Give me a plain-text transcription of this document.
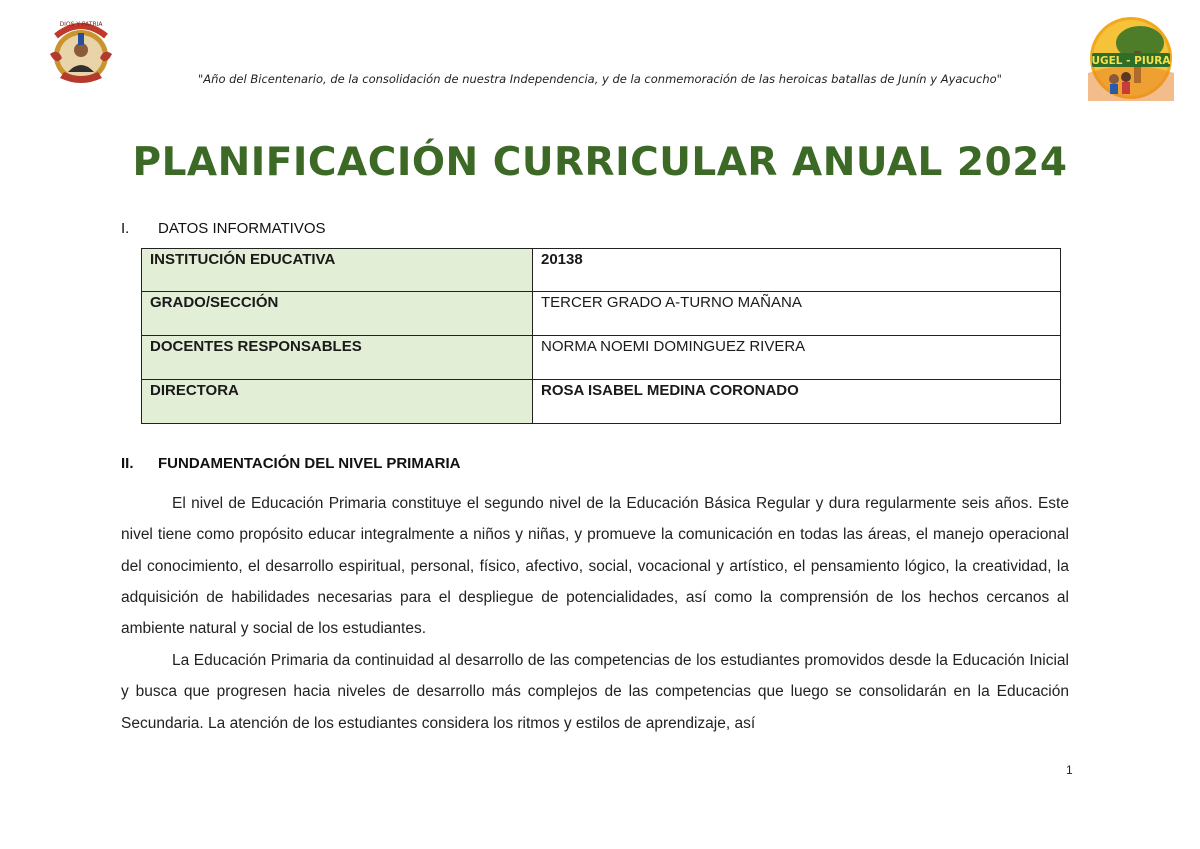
DIOS Y PATRIA
"Año del Bicentenario, de la consolidación de nuestra Independencia, y de la conmemoración de las heroicas batallas de Junín y Ayacucho"
UGEL - PIURA
PLANIFICACIÓN CURRICULAR ANUAL 2024
I.	DATOS INFORMATIVOS
INSTITUCIÓN EDUCATIVA	20138
GRADO/SECCIÓN	TERCER GRADO A-TURNO MAÑANA
DOCENTES RESPONSABLES	NORMA NOEMI DOMINGUEZ RIVERA
DIRECTORA	ROSA ISABEL MEDINA CORONADO
II.	FUNDAMENTACIÓN DEL NIVEL PRIMARIA

El nivel de Educación Primaria constituye el segundo nivel de la Educación Básica Regular y dura regularmente seis años. Este nivel tiene como propósito educar integralmente a niños y niñas, y promueve la comunicación en todas las áreas, el manejo operacional del conocimiento, el desarrollo espiritual, personal, físico, afectivo, social, vocacional y artístico, el pensamiento lógico, la creatividad, la adquisición de habilidades necesarias para el despliegue de potencialidades, así como la comprensión de los hechos cercanos al ambiente natural y social de los estudiantes.

La Educación Primaria da continuidad al desarrollo de las competencias de los estudiantes promovidos desde la Educación Inicial y busca que progresen hacia niveles de desarrollo más complejos de las competencias que luego se consolidarán en la Educación Secundaria. La atención de los estudiantes considera los ritmos y estilos de aprendizaje, así

1
